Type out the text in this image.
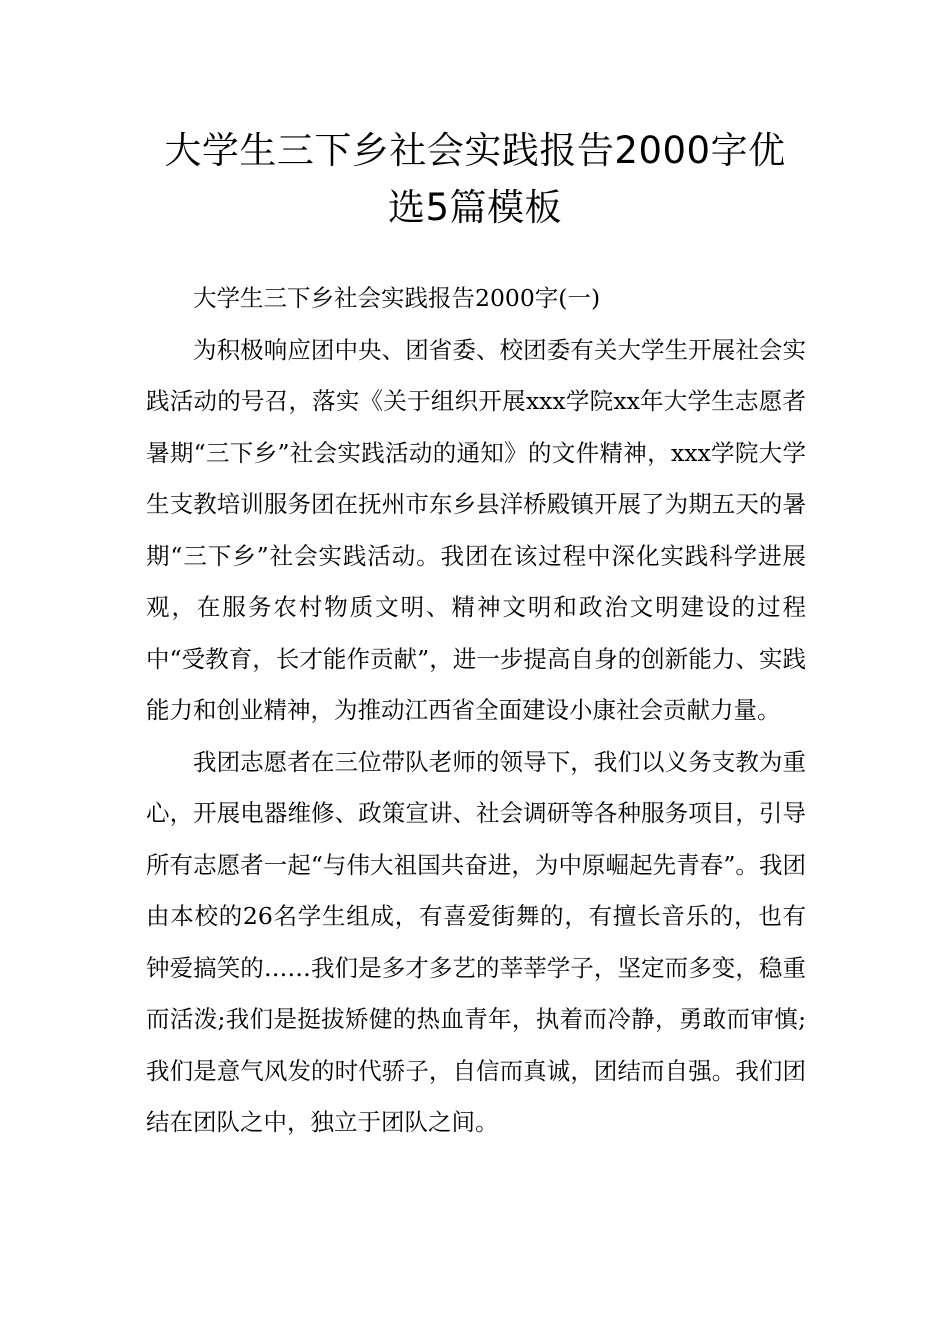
大学生三下乡社会实践报告2000字优
选5篇模板

大学生三下乡社会实践报告2000字(一)

为积极响应团中央、团省委、校团委有关大学生开展社会实践活动的号召，落实《关于组织开展xxx学院xx年大学生志愿者暑期“三下乡”社会实践活动的通知》的文件精神，xxx学院大学生支教培训服务团在抚州市东乡县洋桥殿镇开展了为期五天的暑期“三下乡”社会实践活动。我团在该过程中深化实践科学进展观，在服务农村物质文明、精神文明和政治文明建设的过程中“受教育，长才能作贡献”，进一步提高自身的创新能力、实践能力和创业精神，为推动江西省全面建设小康社会贡献力量。

我团志愿者在三位带队老师的领导下，我们以义务支教为重心，开展电器维修、政策宣讲、社会调研等各种服务项目，引导所有志愿者一起“与伟大祖国共奋进，为中原崛起先青春”。我团由本校的26名学生组成，有喜爱街舞的，有擅长音乐的，也有钟爱搞笑的……我们是多才多艺的莘莘学子，坚定而多变，稳重而活泼;我们是挺拔矫健的热血青年，执着而冷静，勇敢而审慎;我们是意气风发的时代骄子，自信而真诚，团结而自强。我们团结在团队之中，独立于团队之间。
